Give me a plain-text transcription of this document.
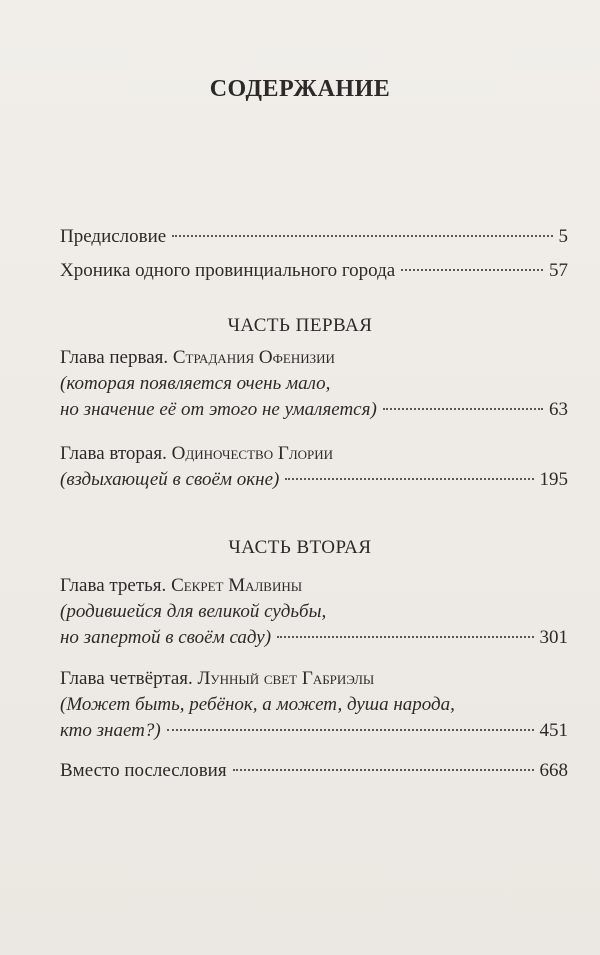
СОДЕРЖАНИЕ
Предисловие	5
Хроника одного провинциального города	57
ЧАСТЬ ПЕРВАЯ
Глава первая. Страдания Офенизии
(которая появляется очень мало,
но значение её от этого не умаляется)	63
Глава вторая. Одиночество Глории
(вздыхающей в своём окне)	195
ЧАСТЬ ВТОРАЯ
Глава третья. Секрет Малвины
(родившейся для великой судьбы,
но запертой в своём саду)	301
Глава четвёртая. Лунный свет Габриэлы
(Может быть, ребёнок, а может, душа народа,
кто знает?)	451
Вместо послесловия	668
